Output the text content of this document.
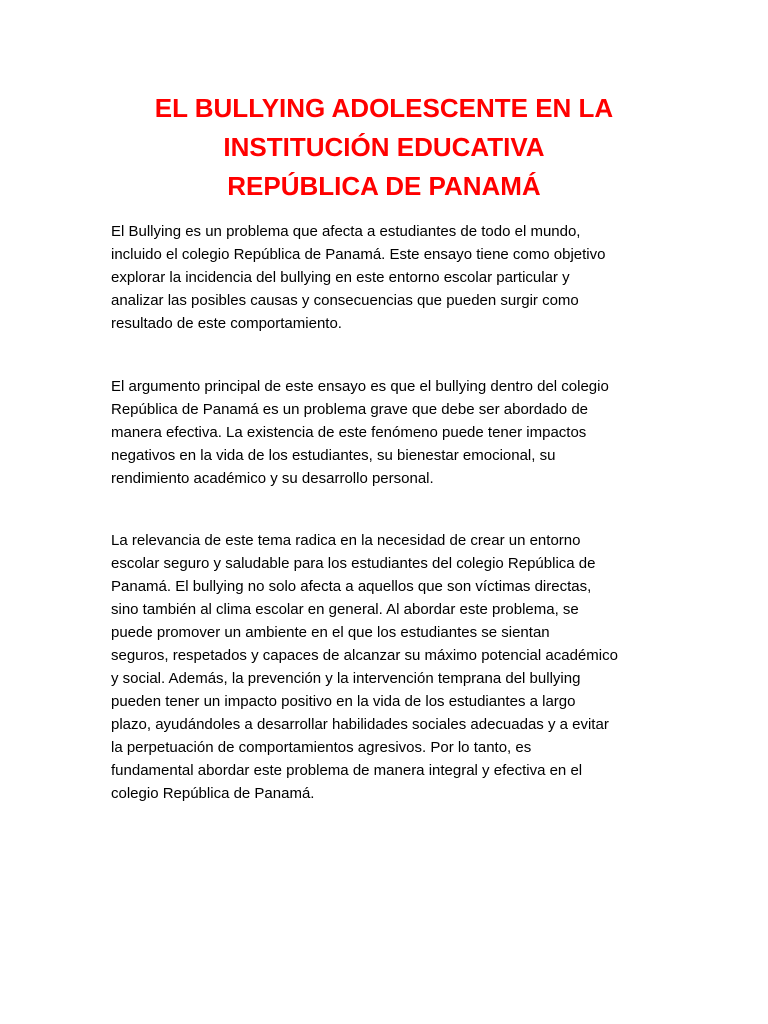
EL BULLYING ADOLESCENTE EN LA
INSTITUCIÓN EDUCATIVA
REPÚBLICA DE PANAMÁ

El Bullying es un problema que afecta a estudiantes de todo el mundo,
incluido el colegio República de Panamá. Este ensayo tiene como objetivo
explorar la incidencia del bullying en este entorno escolar particular y
analizar las posibles causas y consecuencias que pueden surgir como
resultado de este comportamiento.

El argumento principal de este ensayo es que el bullying dentro del colegio
República de Panamá es un problema grave que debe ser abordado de
manera efectiva. La existencia de este fenómeno puede tener impactos
negativos en la vida de los estudiantes, su bienestar emocional, su
rendimiento académico y su desarrollo personal.

La relevancia de este tema radica en la necesidad de crear un entorno
escolar seguro y saludable para los estudiantes del colegio República de
Panamá. El bullying no solo afecta a aquellos que son víctimas directas,
sino también al clima escolar en general. Al abordar este problema, se
puede promover un ambiente en el que los estudiantes se sientan
seguros, respetados y capaces de alcanzar su máximo potencial académico
y social. Además, la prevención y la intervención temprana del bullying
pueden tener un impacto positivo en la vida de los estudiantes a largo
plazo, ayudándoles a desarrollar habilidades sociales adecuadas y a evitar
la perpetuación de comportamientos agresivos. Por lo tanto, es
fundamental abordar este problema de manera integral y efectiva en el
colegio República de Panamá.
